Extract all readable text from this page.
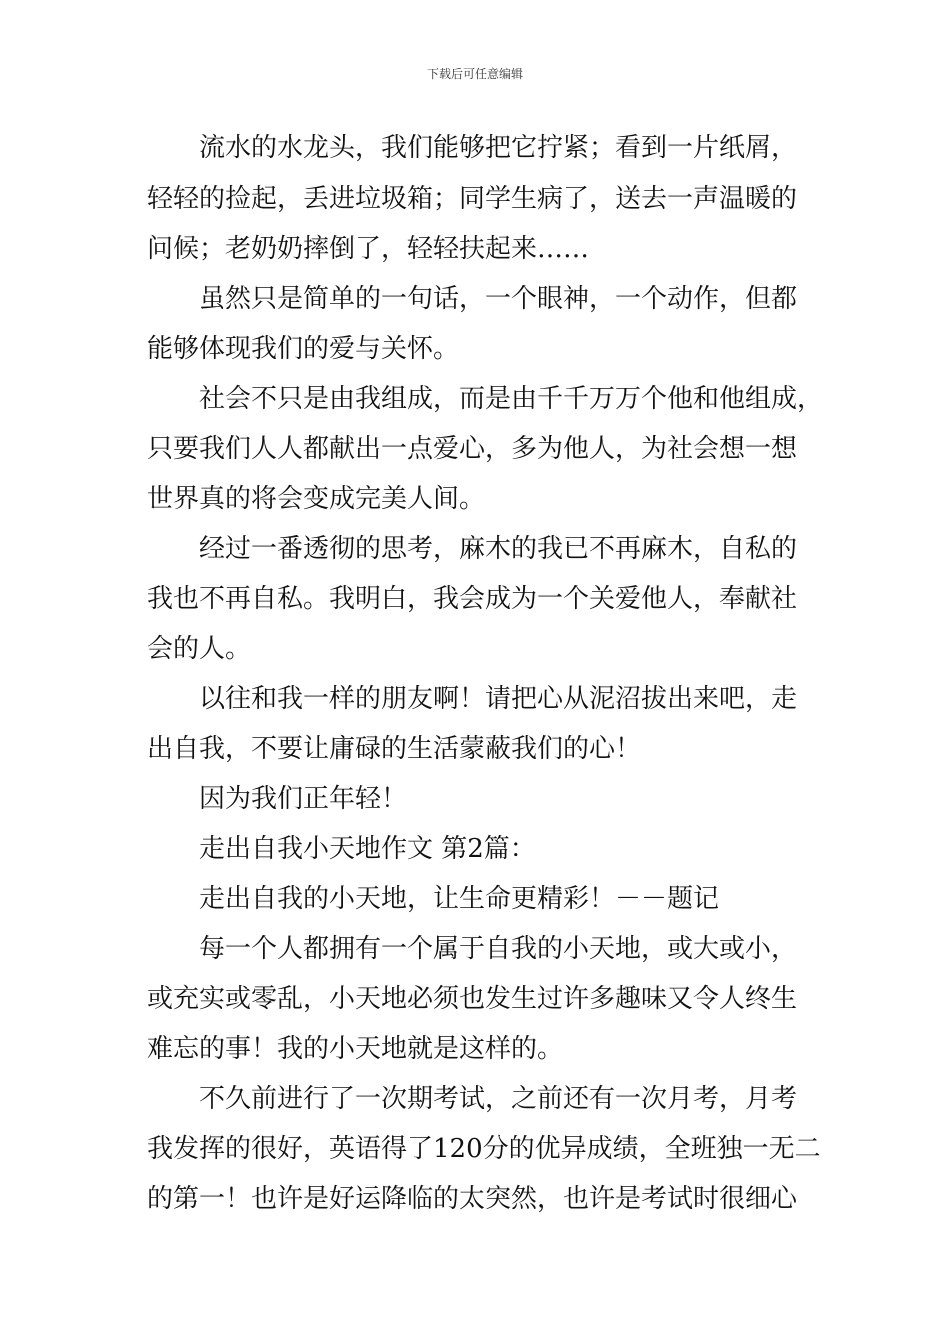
下载后可任意编辑
流水的水龙头，我们能够把它拧紧；看到一片纸屑，
轻轻的捡起，丢进垃圾箱；同学生病了，送去一声温暖的
问候；老奶奶摔倒了，轻轻扶起来……
虽然只是简单的一句话，一个眼神，一个动作，但都
能够体现我们的爱与关怀。
社会不只是由我组成，而是由千千万万个他和他组成，
只要我们人人都献出一点爱心，多为他人，为社会想一想
世界真的将会变成完美人间。
经过一番透彻的思考，麻木的我已不再麻木，自私的
我也不再自私。我明白，我会成为一个关爱他人，奉献社
会的人。
以往和我一样的朋友啊！请把心从泥沼拔出来吧，走
出自我，不要让庸碌的生活蒙蔽我们的心！
因为我们正年轻！
走出自我小天地作文 第2篇：
走出自我的小天地，让生命更精彩！－－题记
每一个人都拥有一个属于自我的小天地，或大或小，
或充实或零乱，小天地必须也发生过许多趣味又令人终生
难忘的事！我的小天地就是这样的。
不久前进行了一次期考试，之前还有一次月考，月考
我发挥的很好，英语得了120分的优异成绩，全班独一无二
的第一！也许是好运降临的太突然，也许是考试时很细心
